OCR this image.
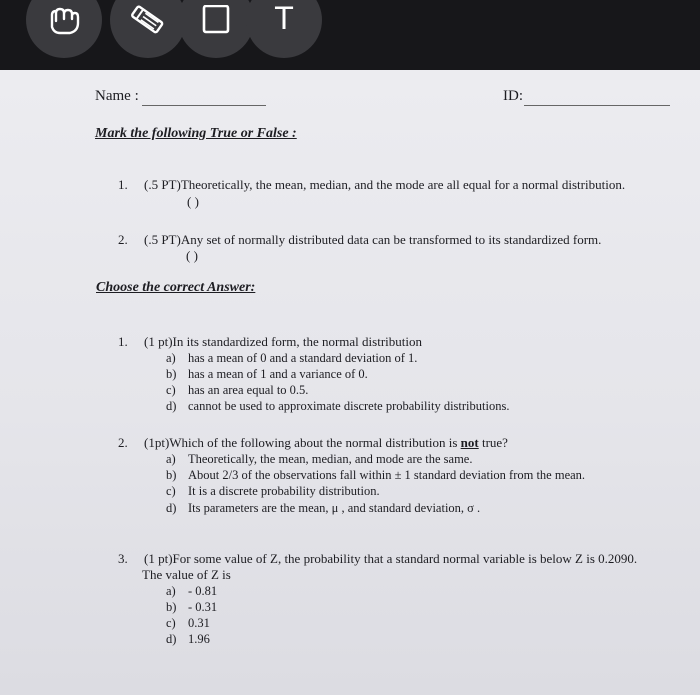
T
Name :	ID:
Mark the following True or False :
1. (.5 PT)Theoretically, the mean, median, and the mode are all equal for a normal distribution.
( )
2. (.5 PT)Any set of normally distributed data can be transformed to its standardized form.
( )
Choose the correct Answer:
1. (1 pt)In its standardized form, the normal distribution
a) has a mean of 0 and a standard deviation of 1.
b) has a mean of 1 and a variance of 0.
c) has an area equal to 0.5.
d) cannot be used to approximate discrete probability distributions.
2. (1pt)Which of the following about the normal distribution is not true?
a) Theoretically, the mean, median, and mode are the same.
b) About 2/3 of the observations fall within ± 1 standard deviation from the mean.
c) It is a discrete probability distribution.
d) Its parameters are the mean, μ , and standard deviation, σ .
3. (1 pt)For some value of Z, the probability that a standard normal variable is below Z is 0.2090.
The value of Z is
a) - 0.81
b) - 0.31
c) 0.31
d) 1.96
